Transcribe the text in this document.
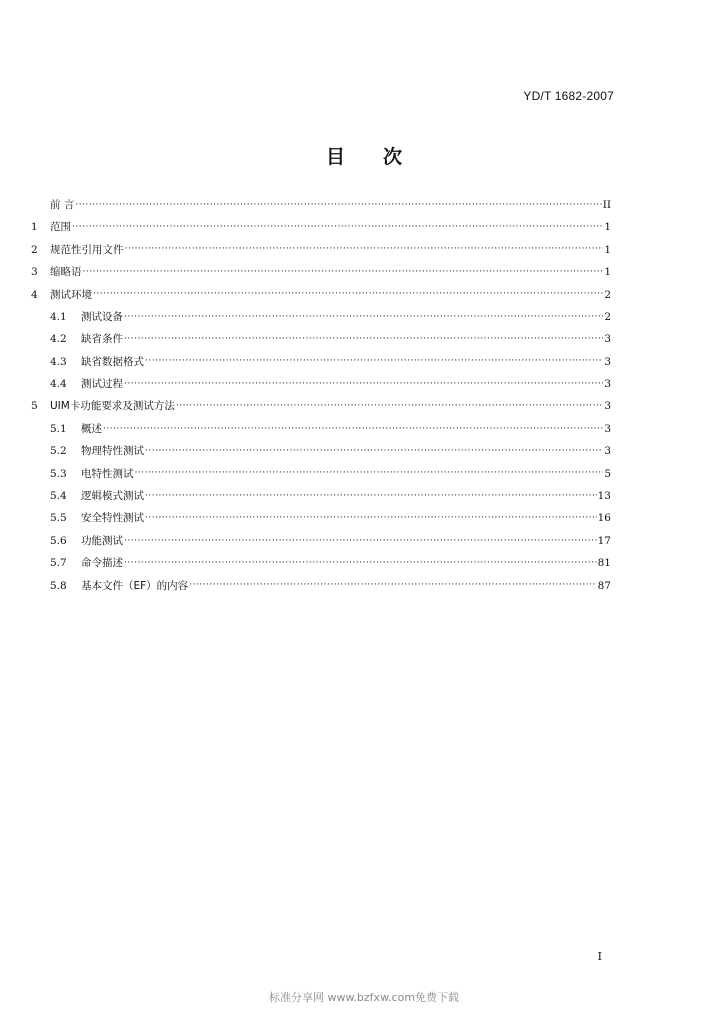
YD/T 1682-2007
目 次
前 言 ·····	II
1	范围 ·····	1
2	规范性引用文件 ·····	1
3	缩略语 ·····	1
4	测试环境 ·····	2
4.1	测试设备 ·····	2
4.2	缺省条件 ·····	3
4.3	缺省数据格式 ·····	3
4.4	测试过程 ·····	3
5	UIM卡功能要求及测试方法 ·····	3
5.1	概述 ·····	3
5.2	物理特性测试 ·····	3
5.3	电特性测试 ·····	5
5.4	逻辑模式测试 ·····	13
5.5	安全特性测试 ·····	16
5.6	功能测试 ·····	17
5.7	命令描述 ·····	81
5.8	基本文件（EF）的内容 ·····	87
I
标准分享网 www.bzfxw.com免费下载
